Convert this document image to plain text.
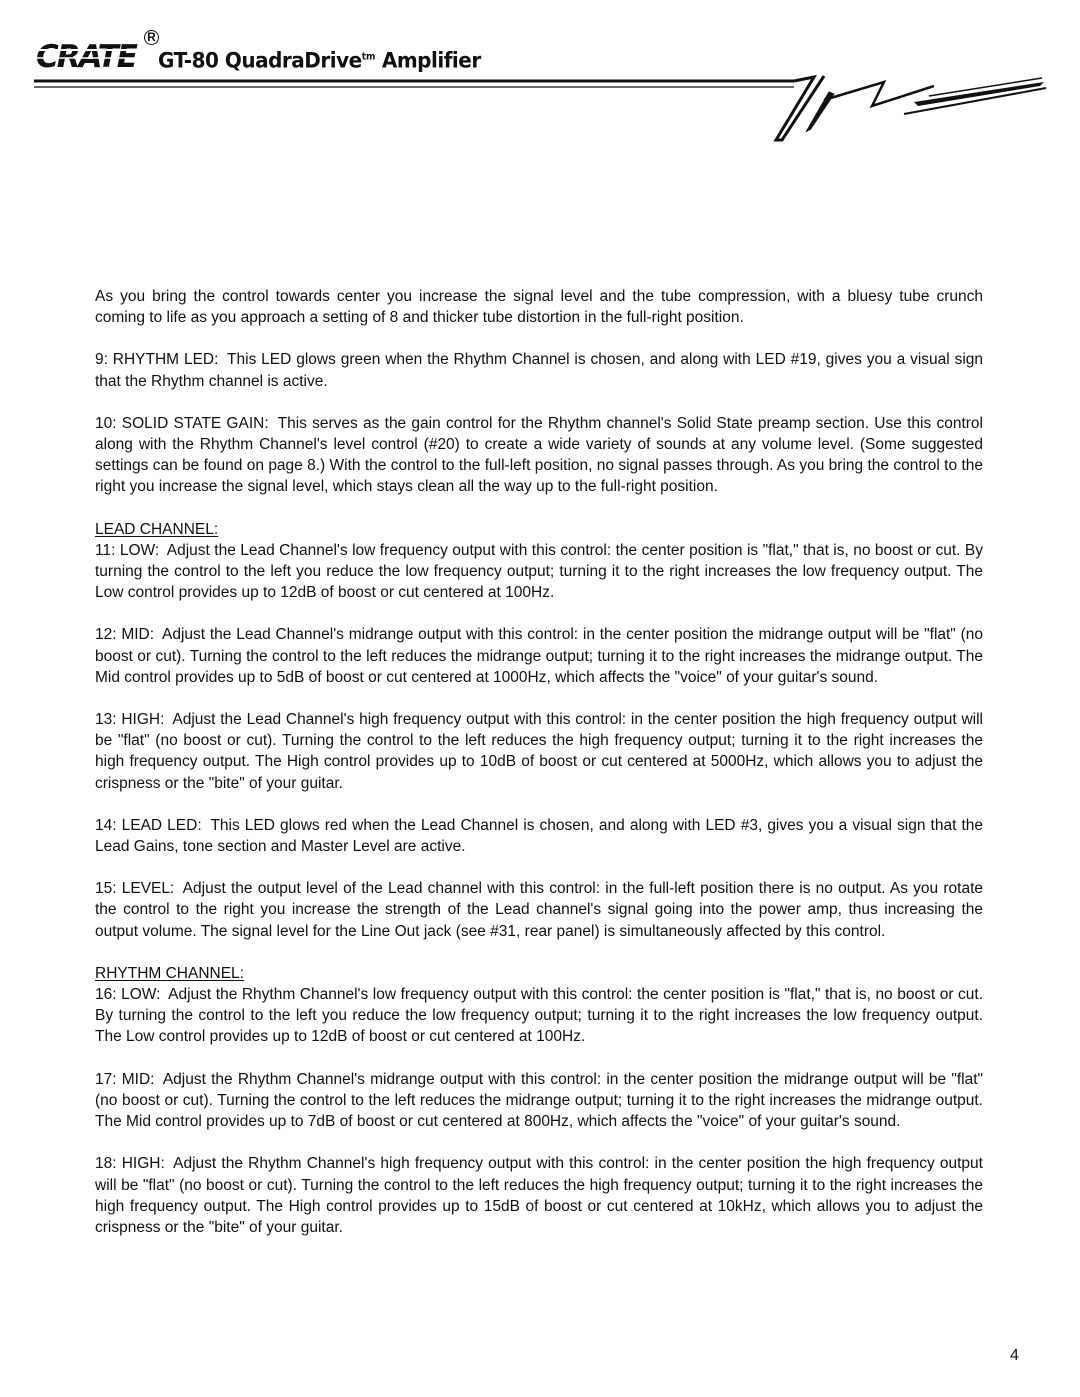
CRATE
R
GT-80 QuadraDrive$^{tm}$ Amplifier

As you bring the control towards center you increase the signal level and the tube compression, with a bluesy tube crunch coming to life as you approach a setting of 8 and thicker tube distortion in the full-right position.

9: RHYTHM LED: This LED glows green when the Rhythm Channel is chosen, and along with LED #19, gives you a visual sign that the Rhythm channel is active.

10: SOLID STATE GAIN: This serves as the gain control for the Rhythm channel's Solid State preamp section. Use this control along with the Rhythm Channel's level control (#20) to create a wide variety of sounds at any volume level. (Some suggested settings can be found on page 8.) With the control to the full-left position, no signal passes through. As you bring the control to the right you increase the signal level, which stays clean all the way up to the full-right position.

LEAD CHANNEL:

11: LOW: Adjust the Lead Channel's low frequency output with this control: the center position is "flat," that is, no boost or cut. By turning the control to the left you reduce the low frequency output; turning it to the right increases the low frequency output. The Low control provides up to 12dB of boost or cut centered at 100Hz.

12: MID: Adjust the Lead Channel's midrange output with this control: in the center position the midrange output will be "flat" (no boost or cut). Turning the control to the left reduces the midrange output; turning it to the right increases the midrange output. The Mid control provides up to 5dB of boost or cut centered at 1000Hz, which affects the "voice" of your guitar's sound.

13: HIGH: Adjust the Lead Channel's high frequency output with this control: in the center position the high frequency output will be "flat" (no boost or cut). Turning the control to the left reduces the high frequency output; turning it to the right increases the high frequency output. The High control provides up to 10dB of boost or cut centered at 5000Hz, which allows you to adjust the crispness or the "bite" of your guitar.

14: LEAD LED: This LED glows red when the Lead Channel is chosen, and along with LED #3, gives you a visual sign that the Lead Gains, tone section and Master Level are active.

15: LEVEL: Adjust the output level of the Lead channel with this control: in the full-left position there is no output. As you rotate the control to the right you increase the strength of the Lead channel's signal going into the power amp, thus increasing the output volume. The signal level for the Line Out jack (see #31, rear panel) is simultaneously affected by this control.

RHYTHM CHANNEL:

16: LOW: Adjust the Rhythm Channel's low frequency output with this control: the center position is "flat," that is, no boost or cut. By turning the control to the left you reduce the low frequency output; turning it to the right increases the low frequency output. The Low control provides up to 12dB of boost or cut centered at 100Hz.

17: MID: Adjust the Rhythm Channel's midrange output with this control: in the center position the midrange output will be "flat" (no boost or cut). Turning the control to the left reduces the midrange output; turning it to the right increases the midrange output. The Mid control provides up to 7dB of boost or cut centered at 800Hz, which affects the "voice" of your guitar's sound.

18: HIGH: Adjust the Rhythm Channel's high frequency output with this control: in the center position the high frequency output will be "flat" (no boost or cut). Turning the control to the left reduces the high frequency output; turning it to the right increases the high frequency output. The High control provides up to 15dB of boost or cut centered at 10kHz, which allows you to adjust the crispness or the "bite" of your guitar.

4
